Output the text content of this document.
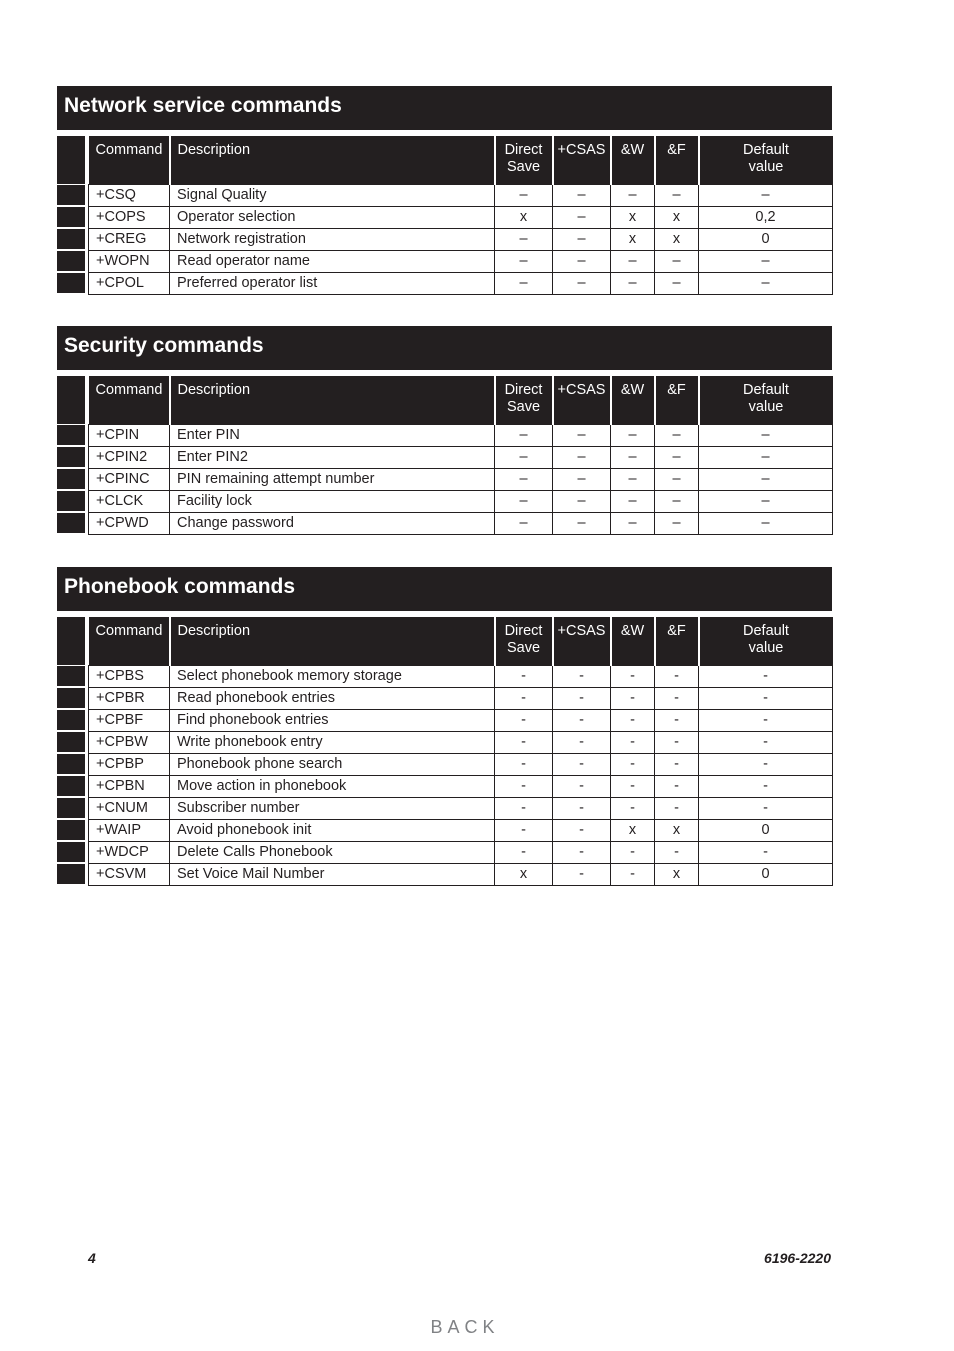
Network service commands
Command	Description	Direct
Save	+CSAS	&W	&F	Default
value
+CSQ	Signal Quality	–	–	–	–	–
+COPS	Operator selection	x	–	x	x	0,2
+CREG	Network registration	–	–	x	x	0
+WOPN	Read operator name	–	–	–	–	–
+CPOL	Preferred operator list	–	–	–	–	–
Security commands
Command	Description	Direct
Save	+CSAS	&W	&F	Default
value
+CPIN	Enter PIN	–	–	–	–	–
+CPIN2	Enter PIN2	–	–	–	–	–
+CPINC	PIN remaining attempt number	–	–	–	–	–
+CLCK	Facility lock	–	–	–	–	–
+CPWD	Change password	–	–	–	–	–
Phonebook commands
Command	Description	Direct
Save	+CSAS	&W	&F	Default
value
+CPBS	Select phonebook memory storage	-	-	-	-	-
+CPBR	Read phonebook entries	-	-	-	-	-
+CPBF	Find phonebook entries	-	-	-	-	-
+CPBW	Write phonebook entry	-	-	-	-	-
+CPBP	Phonebook phone search	-	-	-	-	-
+CPBN	Move action in phonebook	-	-	-	-	-
+CNUM	Subscriber number	-	-	-	-	-
+WAIP	Avoid phonebook init	-	-	x	x	0
+WDCP	Delete Calls Phonebook	-	-	-	-	-
+CSVM	Set Voice Mail Number	x	-	-	x	0
4	6196-2220
BACK
